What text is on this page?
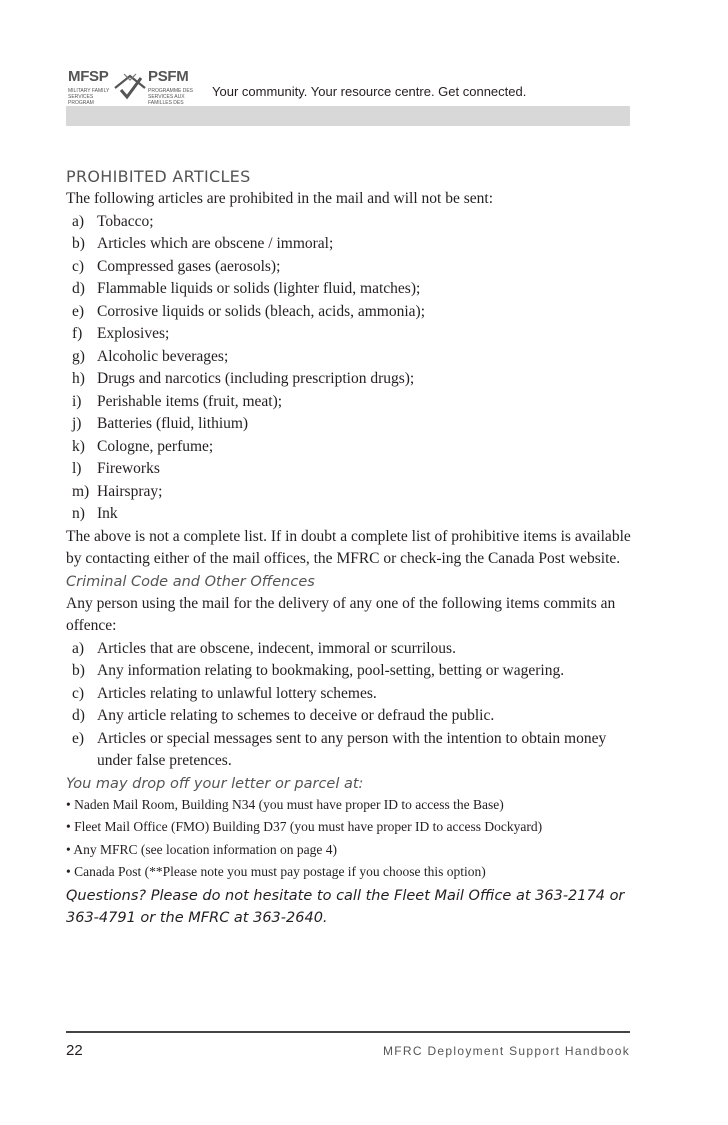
MFSP
MILITARY FAMILY SERVICES PROGRAM
PSFM
PROGRAMME DES SERVICES AUX FAMILLES DES
Your community. Your resource centre. Get connected.
PROHIBITED ARTICLES

The following articles are prohibited in the mail and will not be sent:

a) Tobacco;
b) Articles which are obscene / immoral;
c) Compressed gases (aerosols);
d) Flammable liquids or solids (lighter fluid, matches);
e) Corrosive liquids or solids (bleach, acids, ammonia);
f) Explosives;
g) Alcoholic beverages;
h) Drugs and narcotics (including prescription drugs);
i) Perishable items (fruit, meat);
j) Batteries (fluid, lithium)
k) Cologne, perfume;
l) Fireworks
m) Hairspray;
n) Ink

The above is not a complete list. If in doubt a complete list of prohibitive items is available by contacting either of the mail offices, the MFRC or check-ing the Canada Post website.

Criminal Code and Other Offences

Any person using the mail for the delivery of any one of the following items commits an offence:

a) Articles that are obscene, indecent, immoral or scurrilous.
b) Any information relating to bookmaking, pool-setting, betting or wagering.
c) Articles relating to unlawful lottery schemes.
d) Any article relating to schemes to deceive or defraud the public.
e) Articles or special messages sent to any person with the intention to obtain money under false pretences.
You may drop off your letter or parcel at:
• Naden Mail Room, Building N34 (you must have proper ID to access the Base)
• Fleet Mail Office (FMO) Building D37 (you must have proper ID to access Dockyard)
• Any MFRC (see location information on page 4)
• Canada Post (**Please note you must pay postage if you choose this option)

Questions? Please do not hesitate to call the Fleet Mail Office at 363-2174 or 363-4791 or the MFRC at 363-2640.

22	MFRC Deployment Support Handbook
